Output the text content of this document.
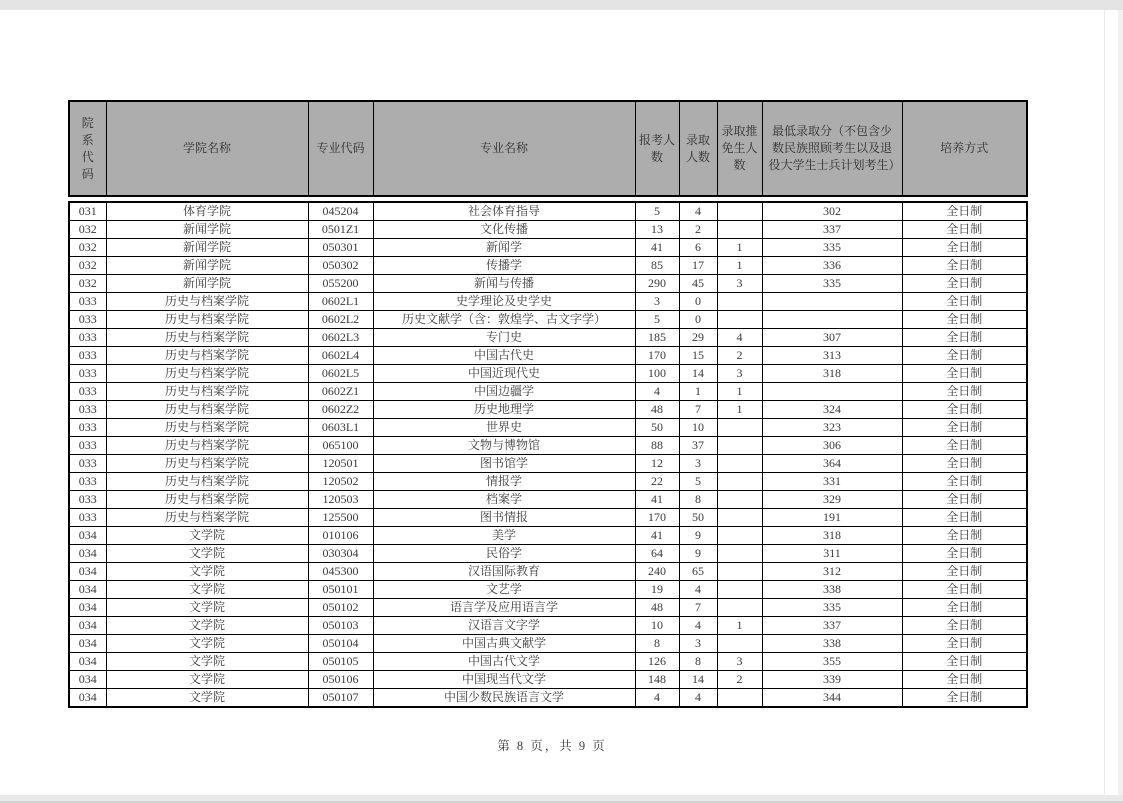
院系代码	学院名称	专业代码	专业名称	报考人数	录取人数	录取推免生人数	最低录取分（不包含少数民族照顾考生以及退役大学生士兵计划考生）	培养方式
031	体育学院	045204	社会体育指导	5	4		302	全日制
032	新闻学院	0501Z1	文化传播	13	2		337	全日制
032	新闻学院	050301	新闻学	41	6	1	335	全日制
032	新闻学院	050302	传播学	85	17	1	336	全日制
032	新闻学院	055200	新闻与传播	290	45	3	335	全日制
033	历史与档案学院	0602L1	史学理论及史学史	3	0			全日制
033	历史与档案学院	0602L2	历史文献学（含：敦煌学、古文字学）	5	0			全日制
033	历史与档案学院	0602L3	专门史	185	29	4	307	全日制
033	历史与档案学院	0602L4	中国古代史	170	15	2	313	全日制
033	历史与档案学院	0602L5	中国近现代史	100	14	3	318	全日制
033	历史与档案学院	0602Z1	中国边疆学	4	1	1		全日制
033	历史与档案学院	0602Z2	历史地理学	48	7	1	324	全日制
033	历史与档案学院	0603L1	世界史	50	10		323	全日制
033	历史与档案学院	065100	文物与博物馆	88	37		306	全日制
033	历史与档案学院	120501	图书馆学	12	3		364	全日制
033	历史与档案学院	120502	情报学	22	5		331	全日制
033	历史与档案学院	120503	档案学	41	8		329	全日制
033	历史与档案学院	125500	图书情报	170	50		191	全日制
034	文学院	010106	美学	41	9		318	全日制
034	文学院	030304	民俗学	64	9		311	全日制
034	文学院	045300	汉语国际教育	240	65		312	全日制
034	文学院	050101	文艺学	19	4		338	全日制
034	文学院	050102	语言学及应用语言学	48	7		335	全日制
034	文学院	050103	汉语言文字学	10	4	1	337	全日制
034	文学院	050104	中国古典文献学	8	3		338	全日制
034	文学院	050105	中国古代文学	126	8	3	355	全日制
034	文学院	050106	中国现当代文学	148	14	2	339	全日制
034	文学院	050107	中国少数民族语言文学	4	4		344	全日制
第 8 页，共 9 页
